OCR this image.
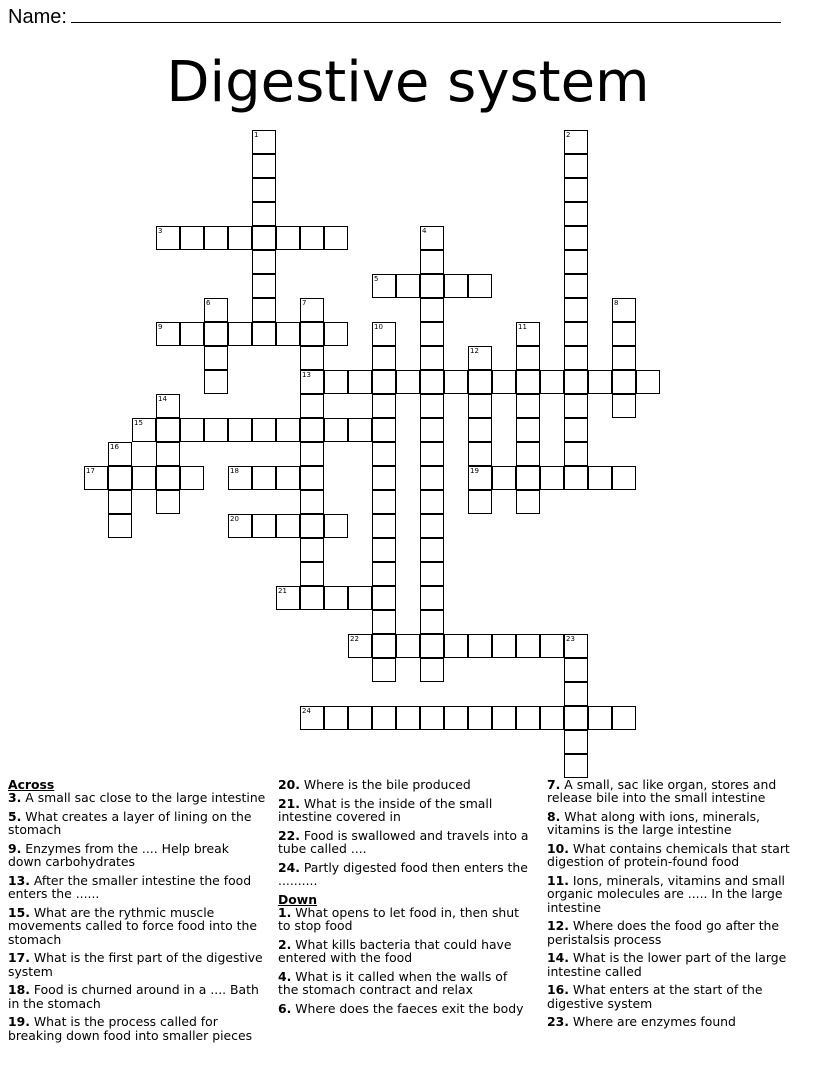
Name:
Digestive system
3
5
9
13
15
17	18	19
20
21
22	23
24
1	2
4
6	7	8
10	11
12
14
16
Across
3. A small sac close to the large intestine
5. What creates a layer of lining on the stomach
9. Enzymes from the .... Help break down carbohydrates
13. After the smaller intestine the food enters the ......
15. What are the rythmic muscle movements called to force food into the stomach
17. What is the first part of the digestive system
18. Food is churned around in a .... Bath in the stomach
19. What is the process called for breaking down food into smaller pieces
20. Where is the bile produced
21. What is the inside of the small intestine covered in
22. Food is swallowed and travels into a tube called ....
24. Partly digested food then enters the ..........
Down
1. What opens to let food in, then shut to stop food
2. What kills bacteria that could have entered with the food
4. What is it called when the walls of the stomach contract and relax
6. Where does the faeces exit the body
7. A small, sac like organ, stores and release bile into the small intestine
8. What along with ions, minerals, vitamins is the large intestine
10. What contains chemicals that start digestion of protein-found food
11. Ions, minerals, vitamins and small organic molecules are ..... In the large intestine
12. Where does the food go after the peristalsis process
14. What is the lower part of the large intestine called
16. What enters at the start of the digestive system
23. Where are enzymes found
